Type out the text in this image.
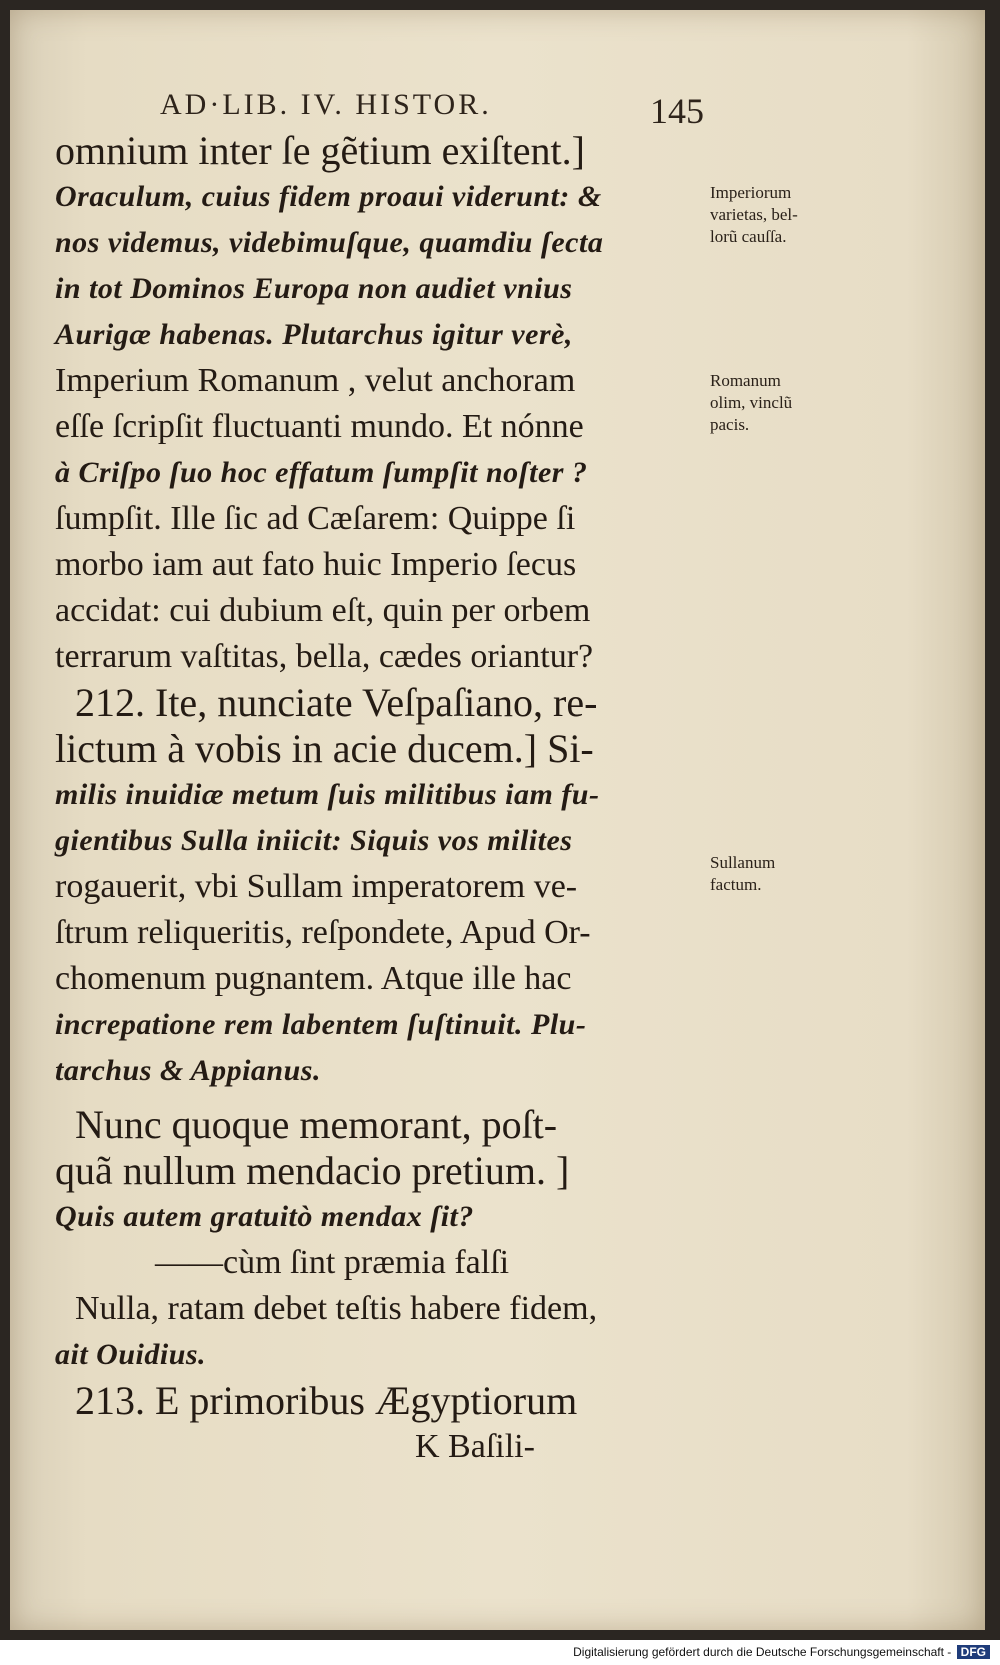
AD·LIB. IV. HISTOR.	145
omnium inter ſe gẽtium exiſtent.]
Oraculum, cuius fidem proaui viderunt: &
nos videmus, videbimuſque, quamdiu ſecta
in tot Dominos Europa non audiet vnius
Aurigæ habenas. Plutarchus igitur verè,
Imperium Romanum , velut anchoram
eſſe ſcripſit fluctuanti mundo. Et nónne
à Criſpo ſuo hoc effatum ſumpſit noſter ?
ſumpſit. Ille ſic ad Cæſarem: Quippe ſi
morbo iam aut fato huic Imperio ſecus
accidat: cui dubium eſt, quin per orbem
terrarum vaſtitas, bella, cædes oriantur?
212. Ite, nunciate Veſpaſiano, re-
lictum à vobis in acie ducem.] Si-
milis inuidiæ metum ſuis militibus iam fu-
gientibus Sulla iniicit: Siquis vos milites
rogauerit, vbi Sullam imperatorem ve-
ſtrum reliqueritis, reſpondete, Apud Or-
chomenum pugnantem. Atque ille hac
increpatione rem labentem ſuſtinuit. Plu-
tarchus & Appianus.
Nunc quoque memorant, poſt-
quã nullum mendacio pretium. ]
Quis autem gratuitò mendax ſit?
——cùm ſint præmia falſi
Nulla, ratam debet teſtis habere fidem,
ait Ouidius.
213. E primoribus Ægyptiorum
K Baſili-
Imperiorum
varietas, bel-
lorũ cauſſa.
Romanum
olim, vinclũ
pacis.
Sullanum
factum.
Digitalisierung gefördert durch die Deutsche Forschungsgemeinschaft - DFG
